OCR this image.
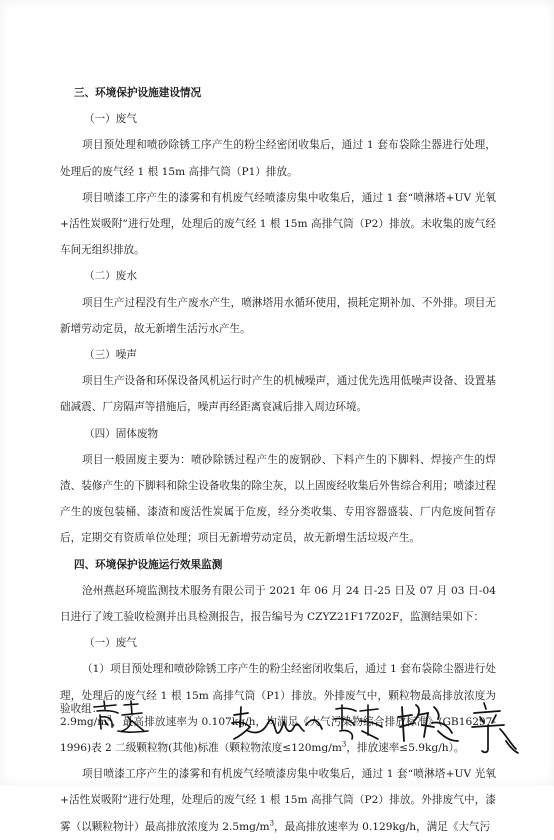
三、环境保护设施建设情况

（一）废气

项目预处理和喷砂除锈工序产生的粉尘经密闭收集后，通过 1 套布袋除尘器进行处理，处理后的废气经 1 根 15m 高排气筒（P1）排放。

项目喷漆工序产生的漆雾和有机废气经喷漆房集中收集后，通过 1 套“喷淋塔+UV 光氧+活性炭吸附”进行处理，处理后的废气经 1 根 15m 高排气筒（P2）排放。未收集的废气经车间无组织排放。

（二）废水

项目生产过程没有生产废水产生，喷淋塔用水循环使用，损耗定期补加、不外排。项目无新增劳动定员，故无新增生活污水产生。

（三）噪声

项目生产设备和环保设备风机运行时产生的机械噪声，通过优先选用低噪声设备、设置基础减震、厂房隔声等措施后，噪声再经距离衰减后排入周边环境。

（四）固体废物

项目一般固废主要为：喷砂除锈过程产生的废钢砂、下料产生的下脚料、焊接产生的焊渣、装修产生的下脚料和除尘设备收集的除尘灰，以上固废经收集后外售综合利用；喷漆过程产生的废包装桶、漆渣和废活性炭属于危废，经分类收集、专用容器盛装、厂内危废间暂存后，定期交有资质单位处理；项目无新增劳动定员，故无新增生活垃圾产生。

四、环境保护设施运行效果监测

沧州燕赵环境监测技术服务有限公司于 2021 年 06 月 24 日-25 日及 07 月 03 日-04 日进行了竣工验收检测并出具检测报告，报告编号为 CZYZ21F17Z02F，监测结果如下：

（一）废气

（1）项目预处理和喷砂除锈工序产生的粉尘经密闭收集后，通过 1 套布袋除尘器进行处理，处理后的废气经 1 根 15m 高排气筒（P1）排放。外排废气中，颗粒物最高排放浓度为 $2.9mg/m^3$，最高排放速率为 0.107kg/h，均满足《大气污染物综合排放标准》(GB16297-1996)表 2 二级颗粒物(其他)标准（颗粒物浓度$\le 120mg/m^3$，排放速率≤5.9kg/h）。

项目喷漆工序产生的漆雾和有机废气经喷漆房集中收集后，通过 1 套“喷淋塔+UV 光氧+活性炭吸附”进行处理，处理后的废气经 1 根 15m 高排气筒（P2）排放。外排废气中，漆雾（以颗粒物计）最高排放浓度为 $2.5mg/m^3$，最高排放速率为 0.129kg/h，满足《大气污

验收组：
